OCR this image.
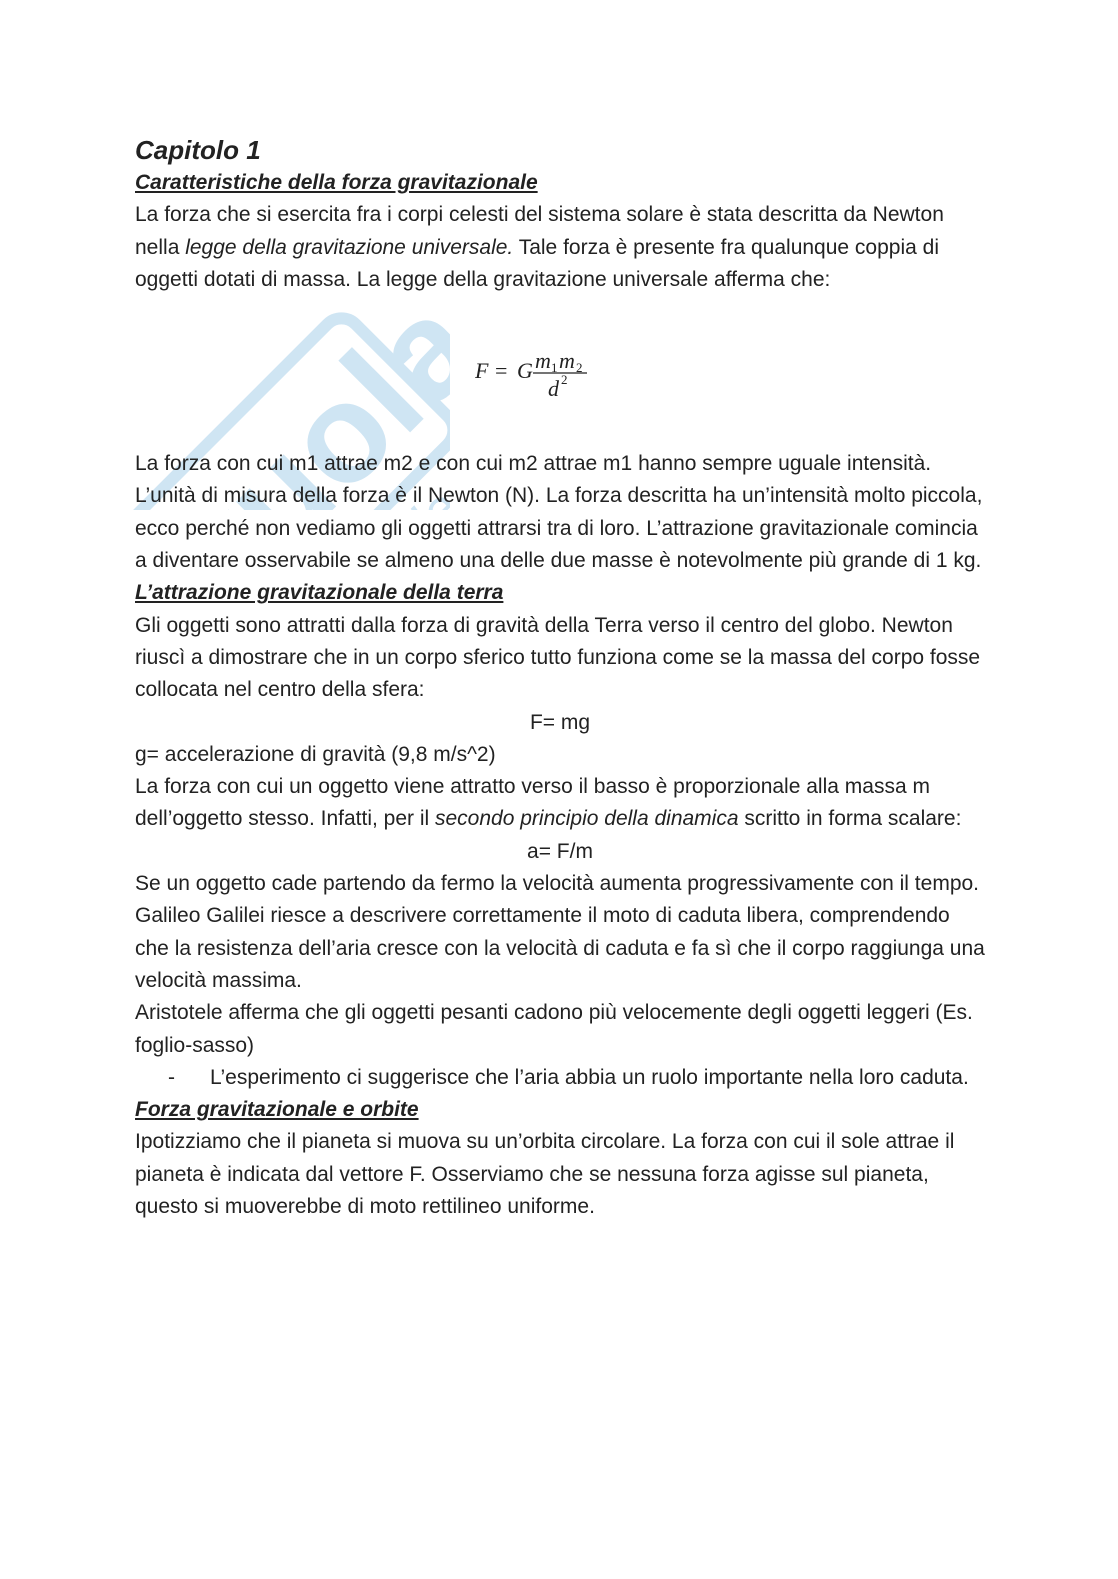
Skuola.net
Capitolo 1
Caratteristiche della forza gravitazionale

La forza che si esercita fra i corpi celesti del sistema solare è stata descritta da Newton nella legge della gravitazione universale. Tale forza è presente fra qualunque coppia di oggetti dotati di massa. La legge della gravitazione universale afferma che:

F = G m 1 m 2
d 2

La forza con cui m1 attrae m2 e con cui m2 attrae m1 hanno sempre uguale intensità.

L’unità di misura della forza è il Newton (N). La forza descritta ha un’intensità molto piccola, ecco perché non vediamo gli oggetti attrarsi tra di loro. L’attrazione gravitazionale comincia a diventare osservabile se almeno una delle due masse è notevolmente più grande di 1 kg.

L’attrazione gravitazionale della terra

Gli oggetti sono attratti dalla forza di gravità della Terra verso il centro del globo. Newton riuscì a dimostrare che in un corpo sferico tutto funziona come se la massa del corpo fosse collocata nel centro della sfera:

F= mg

g= accelerazione di gravità (9,8 m/s^2)

La forza con cui un oggetto viene attratto verso il basso è proporzionale alla massa m dell’oggetto stesso. Infatti, per il secondo principio della dinamica scritto in forma scalare:

a= F/m

Se un oggetto cade partendo da fermo la velocità aumenta progressivamente con il tempo. Galileo Galilei riesce a descrivere correttamente il moto di caduta libera, comprendendo che la resistenza dell’aria cresce con la velocità di caduta e fa sì che il corpo raggiunga una velocità massima.

Aristotele afferma che gli oggetti pesanti cadono più velocemente degli oggetti leggeri (Es. foglio-sasso)

-	L’esperimento ci suggerisce che l’aria abbia un ruolo importante nella loro caduta.
Forza gravitazionale e orbite

Ipotizziamo che il pianeta si muova su un’orbita circolare. La forza con cui il sole attrae il pianeta è indicata dal vettore F. Osserviamo che se nessuna forza agisse sul pianeta, questo si muoverebbe di moto rettilineo uniforme.
